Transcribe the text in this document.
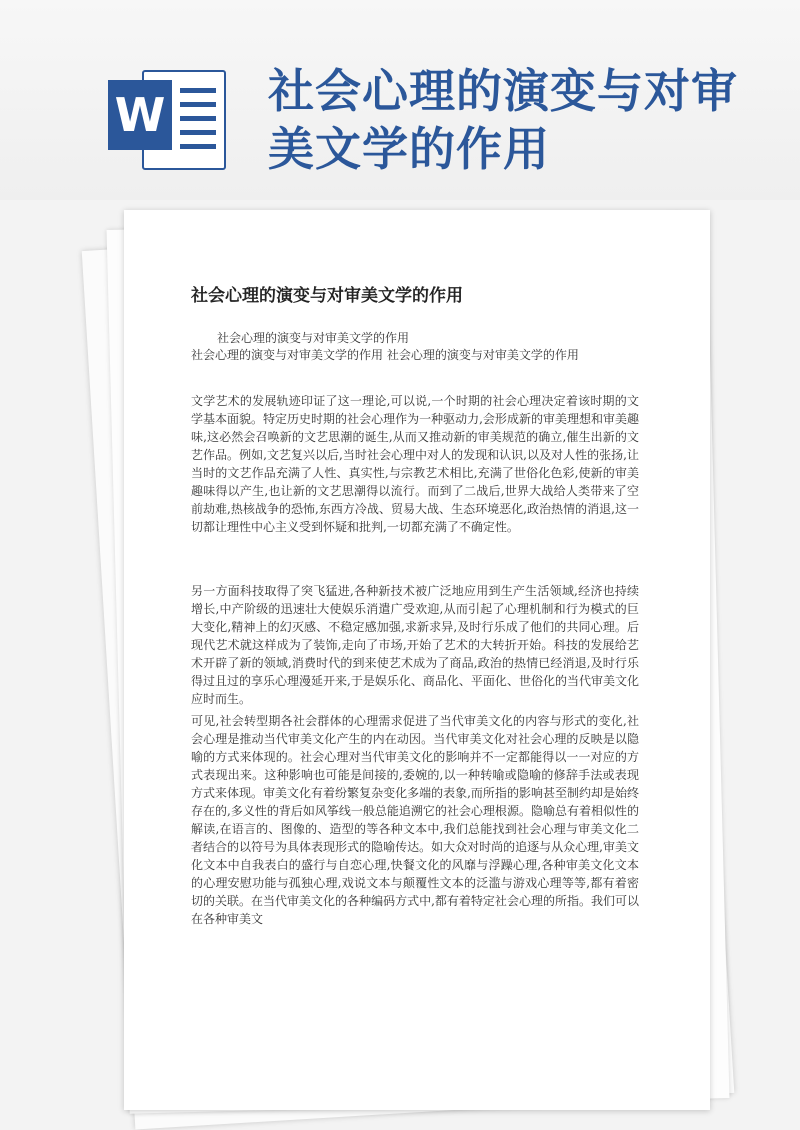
W 社会心理的演变与对审
美文学的作用
社会心理的演变与对审美文学的作用
社会心理的演变与对审美文学的作用
社会心理的演变与对审美文学的作用 社会心理的演变与对审美文学的作用
文学艺术的发展轨迹印证了这一理论,可以说,一个时期的社会心理决定着该时期的文学基本面貌。特定历史时期的社会心理作为一种驱动力,会形成新的审美理想和审美趣味,这必然会召唤新的文艺思潮的诞生,从而又推动新的审美规范的确立,催生出新的文艺作品。例如,文艺复兴以后,当时社会心理中对人的发现和认识,以及对人性的张扬,让当时的文艺作品充满了人性、真实性,与宗教艺术相比,充满了世俗化色彩,使新的审美趣味得以产生,也让新的文艺思潮得以流行。而到了二战后,世界大战给人类带来了空前劫难,热核战争的恐怖,东西方冷战、贸易大战、生态环境恶化,政治热情的消退,这一切都让理性中心主义受到怀疑和批判,一切都充满了不确定性。
另一方面科技取得了突飞猛进,各种新技术被广泛地应用到生产生活领域,经济也持续增长,中产阶级的迅速壮大使娱乐消遣广受欢迎,从而引起了心理机制和行为模式的巨大变化,精神上的幻灭感、不稳定感加强,求新求异,及时行乐成了他们的共同心理。后现代艺术就这样成为了装饰,走向了市场,开始了艺术的大转折开始。科技的发展给艺术开辟了新的领域,消费时代的到来使艺术成为了商品,政治的热情已经消退,及时行乐得过且过的享乐心理漫延开来,于是娱乐化、商品化、平面化、世俗化的当代审美文化应时而生。
可见,社会转型期各社会群体的心理需求促进了当代审美文化的内容与形式的变化,社会心理是推动当代审美文化产生的内在动因。当代审美文化对社会心理的反映是以隐喻的方式来体现的。社会心理对当代审美文化的影响并不一定都能得以一一对应的方式表现出来。这种影响也可能是间接的,委婉的,以一种转喻或隐喻的修辞手法或表现方式来体现。审美文化有着纷繁复杂变化多端的表象,而所指的影响甚至制约却是始终存在的,多义性的背后如风筝线一般总能追溯它的社会心理根源。隐喻总有着相似性的解读,在语言的、图像的、造型的等各种文本中,我们总能找到社会心理与审美文化二者结合的以符号为具体表现形式的隐喻传达。如大众对时尚的追逐与从众心理,审美文化文本中自我表白的盛行与自恋心理,快餐文化的风靡与浮躁心理,各种审美文化文本的心理安慰功能与孤独心理,戏说文本与颠覆性文本的泛滥与游戏心理等等,都有着密切的关联。在当代审美文化的各种编码方式中,都有着特定社会心理的所指。我们可以在各种审美文
